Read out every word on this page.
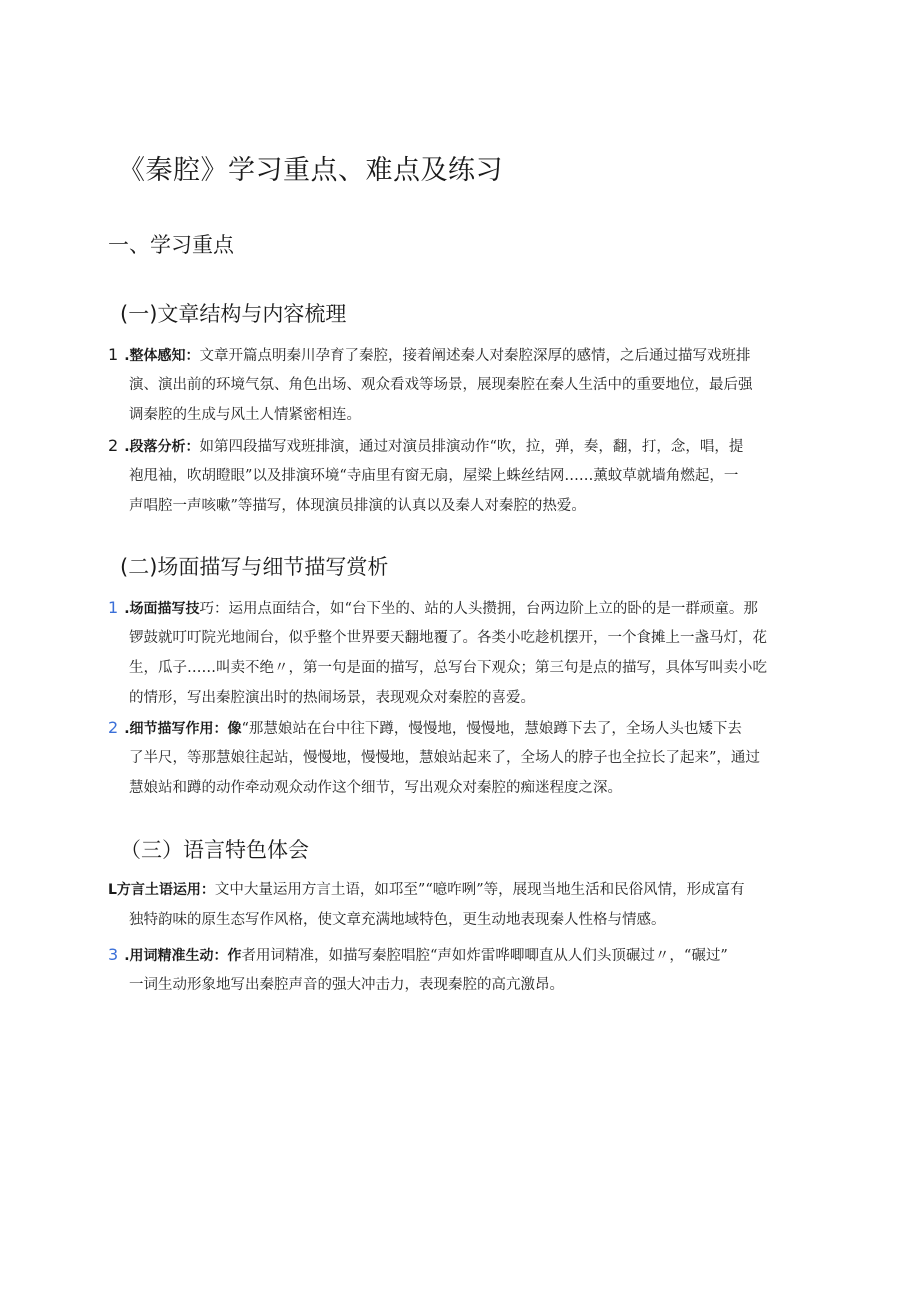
《秦腔》学习重点、难点及练习
一、学习重点
(一)文章结构与内容梳理
1 .整体感知：文章开篇点明秦川孕育了秦腔，接着阐述秦人对秦腔深厚的感情，之后通过描写戏班排
演、演出前的环境气氛、角色出场、观众看戏等场景，展现秦腔在秦人生活中的重要地位，最后强
调秦腔的生成与风土人情紧密相连。
2 .段落分析：如第四段描写戏班排演，通过对演员排演动作“吹，拉，弹，奏，翻，打，念，唱，提
袍甩袖，吹胡瞪眼”以及排演环境“寺庙里有窗无扇，屋梁上蛛丝结网……薰蚊草就墙角燃起，一
声唱腔一声咳嗽”等描写，体现演员排演的认真以及秦人对秦腔的热爱。
(二)场面描写与细节描写赏析
1 .场面描写技巧：运用点面结合，如“台下坐的、站的人头攒拥，台两边阶上立的卧的是一群顽童。那
锣鼓就叮叮院光地闹台，似乎整个世界要天翻地覆了。各类小吃趁机摆开，一个食摊上一盏马灯，花
生，瓜子……叫卖不绝〃，第一句是面的描写，总写台下观众；第三句是点的描写，具体写叫卖小吃
的情形，写出秦腔演出时的热闹场景，表现观众对秦腔的喜爱。
2 .细节描写作用：像“那慧娘站在台中往下蹲，慢慢地，慢慢地，慧娘蹲下去了，全场人头也矮下去
了半尺，等那慧娘往起站，慢慢地，慢慢地，慧娘站起来了，全场人的脖子也全拉长了起来”，通过
慧娘站和蹲的动作牵动观众动作这个细节，写出观众对秦腔的痴迷程度之深。
（三）语言特色体会
L方言土语运用：文中大量运用方言土语，如邛至”“噫咋咧”等，展现当地生活和民俗风情，形成富有
独特韵味的原生态写作风格，使文章充满地域特色，更生动地表现秦人性格与情感。
3 .用词精准生动：作者用词精准，如描写秦腔唱腔“声如炸雷哗唧唧直从人们头顶碾过〃，“碾过”
一词生动形象地写出秦腔声音的强大冲击力，表现秦腔的高亢激昂。
